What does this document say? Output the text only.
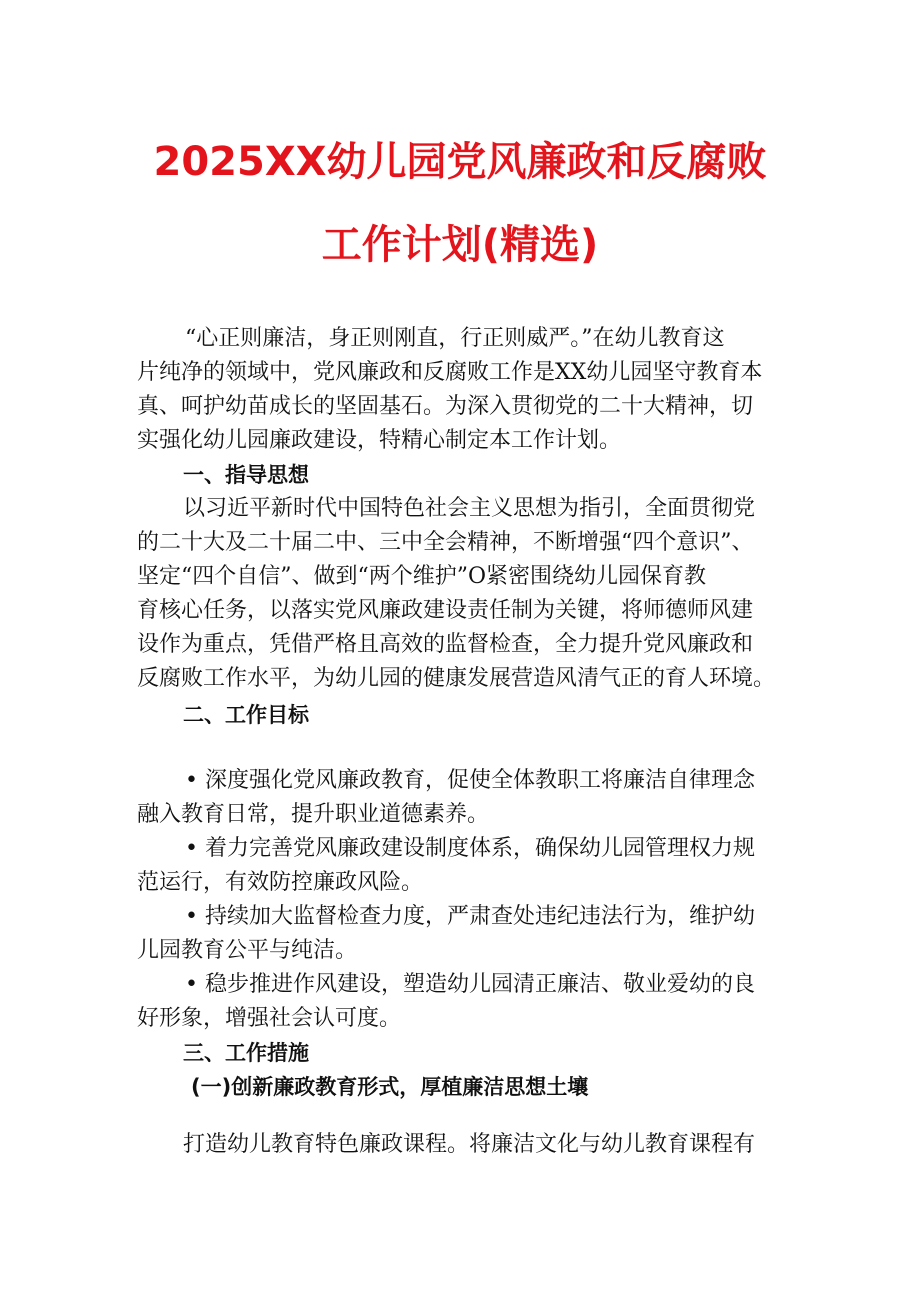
2025XX幼儿园党风廉政和反腐败
工作计划(精选)
“心正则廉洁，身正则刚直，行正则威严。”在幼儿教育这
片纯净的领域中，党风廉政和反腐败工作是XX幼儿园坚守教育本
真、呵护幼苗成长的坚固基石。为深入贯彻党的二十大精神，切
实强化幼儿园廉政建设，特精心制定本工作计划。
一、指导思想
以习近平新时代中国特色社会主义思想为指引，全面贯彻党
的二十大及二十届二中、三中全会精神，不断增强“四个意识”、
坚定“四个自信”、做到“两个维护”O紧密围绕幼儿园保育教
育核心任务，以落实党风廉政建设责任制为关键，将师德师风建
设作为重点，凭借严格且高效的监督检查，全力提升党风廉政和
反腐败工作水平，为幼儿园的健康发展营造风清气正的育人环境。
二、工作目标
• 深度强化党风廉政教育，促使全体教职工将廉洁自律理念
融入教育日常，提升职业道德素养。
• 着力完善党风廉政建设制度体系，确保幼儿园管理权力规
范运行，有效防控廉政风险。
• 持续加大监督检查力度，严肃查处违纪违法行为，维护幼
儿园教育公平与纯洁。
• 稳步推进作风建设，塑造幼儿园清正廉洁、敬业爱幼的良
好形象，增强社会认可度。
三、工作措施
(一)创新廉政教育形式，厚植廉洁思想土壤
打造幼儿教育特色廉政课程。将廉洁文化与幼儿教育课程有
